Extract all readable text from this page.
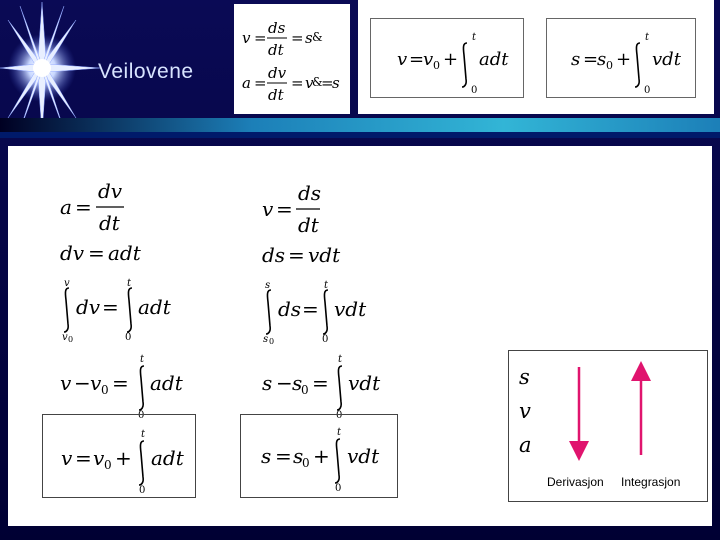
Veilovene
v =
ds
dt
= s &
a =
dv
dt
= v
&
=
s
v =
v 0 +
t
0
adt	s =
s 0 +
t
0
vdt
a =
dv
dt
dv = adt
v
v 0
dv =
t
0
adt
v − v 0 =
t
0
adt
v = v 0 +
t
0
adt
v =
ds
dt
ds = vdt
s
s 0
ds =
t
0
vdt
s − s
0 =
t
0
vdt
s = s
0 +
t
0
vdt
s
v
a
Derivasjon Integrasjon
